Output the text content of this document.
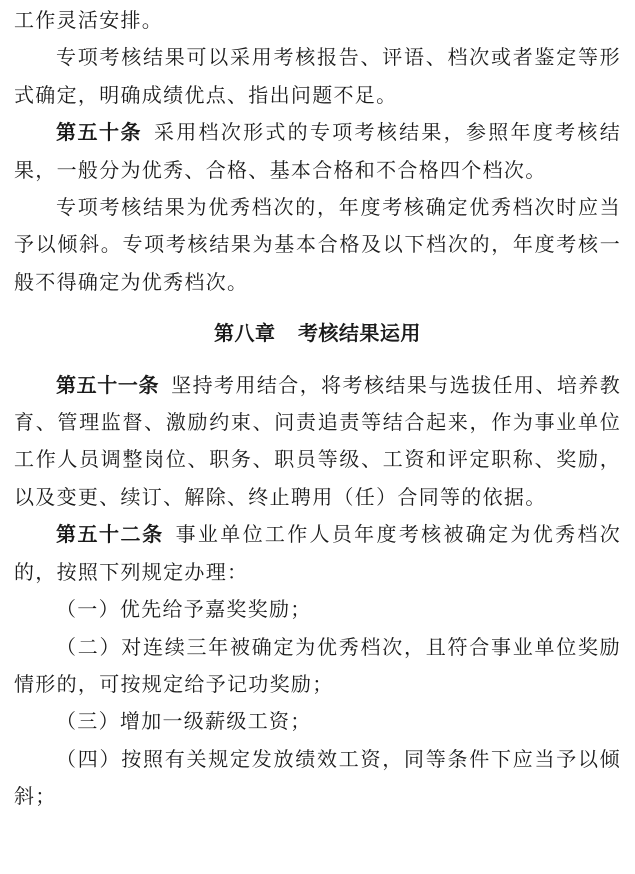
工作灵活安排。

专项考核结果可以采用考核报告、评语、档次或者鉴定等形式确定，明确成绩优点、指出问题不足。

第五十条 采用档次形式的专项考核结果，参照年度考核结果，一般分为优秀、合格、基本合格和不合格四个档次。

专项考核结果为优秀档次的，年度考核确定优秀档次时应当予以倾斜。专项考核结果为基本合格及以下档次的，年度考核一般不得确定为优秀档次。

第八章 考核结果运用

第五十一条 坚持考用结合，将考核结果与选拔任用、培养教育、管理监督、激励约束、问责追责等结合起来，作为事业单位工作人员调整岗位、职务、职员等级、工资和评定职称、奖励，以及变更、续订、解除、终止聘用（任）合同等的依据。

第五十二条 事业单位工作人员年度考核被确定为优秀档次的，按照下列规定办理：

（一）优先给予嘉奖奖励；

（二）对连续三年被确定为优秀档次，且符合事业单位奖励情形的，可按规定给予记功奖励；

（三）增加一级薪级工资；

（四）按照有关规定发放绩效工资，同等条件下应当予以倾斜；
